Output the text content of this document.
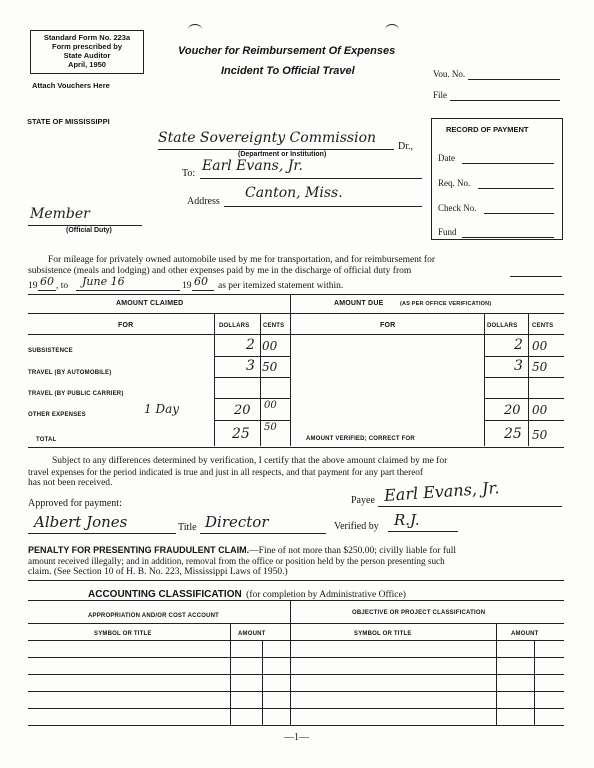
Standard Form No. 223a
Form prescribed by
State Auditor
April, 1950
Attach Vouchers Here
Voucher for Reimbursement Of Expenses
Incident To Official Travel	Vou. No.
File
STATE OF MISSISSIPPI
State Sovereignty Commission
Dr.,
(Department or Institution)
To: Earl Evans, Jr.
Address
Canton, Miss.
Member
(Official Duty)
RECORD OF PAYMENT
Date
Req. No.
Check No.
Fund
For mileage for privately owned automobile used by me for transportation, and for reimbursement for
subsistence (meals and lodging) and other expenses paid by me in the discharge of official duty from
19 60 , to June 16	19 60 as per itemized statement within.
AMOUNT CLAIMED	AMOUNT DUE	(AS PER OFFICE VERIFICATION)
FOR	DOLLARS CENTS	FOR	DOLLARS CENTS
SUBSISTENCE	2 00	2 00
TRAVEL (BY AUTOMOBILE)	3 50	3 50
TRAVEL (BY PUBLIC CARRIER)
OTHER EXPENSES	1 Day	20 00	20 00
TOTAL	25 50
AMOUNT VERIFIED; CORRECT FOR	25 50
Subject to any differences determined by verification, I certify that the above amount claimed by me for
travel expenses for the period indicated is true and just in all respects, and that payment for any part thereof
has not been received.
Approved for payment:	Payee Earl Evans, Jr.
Albert Jones	Title Director	Verified by R.J.
PENALTY FOR PRESENTING FRAUDULENT CLAIM.—Fine of not more than $250.00; civilly liable for full
amount received illegally; and in addition, removal from the office or position held by the person presenting such
claim. (See Section 10 of H. B. No. 223, Mississippi Laws of 1950.)
ACCOUNTING CLASSIFICATION (for completion by Administrative Office)
APPROPRIATION AND/OR COST ACCOUNT	OBJECTIVE OR PROJECT CLASSIFICATION
SYMBOL OR TITLE	AMOUNT	SYMBOL OR TITLE	AMOUNT
—1—
